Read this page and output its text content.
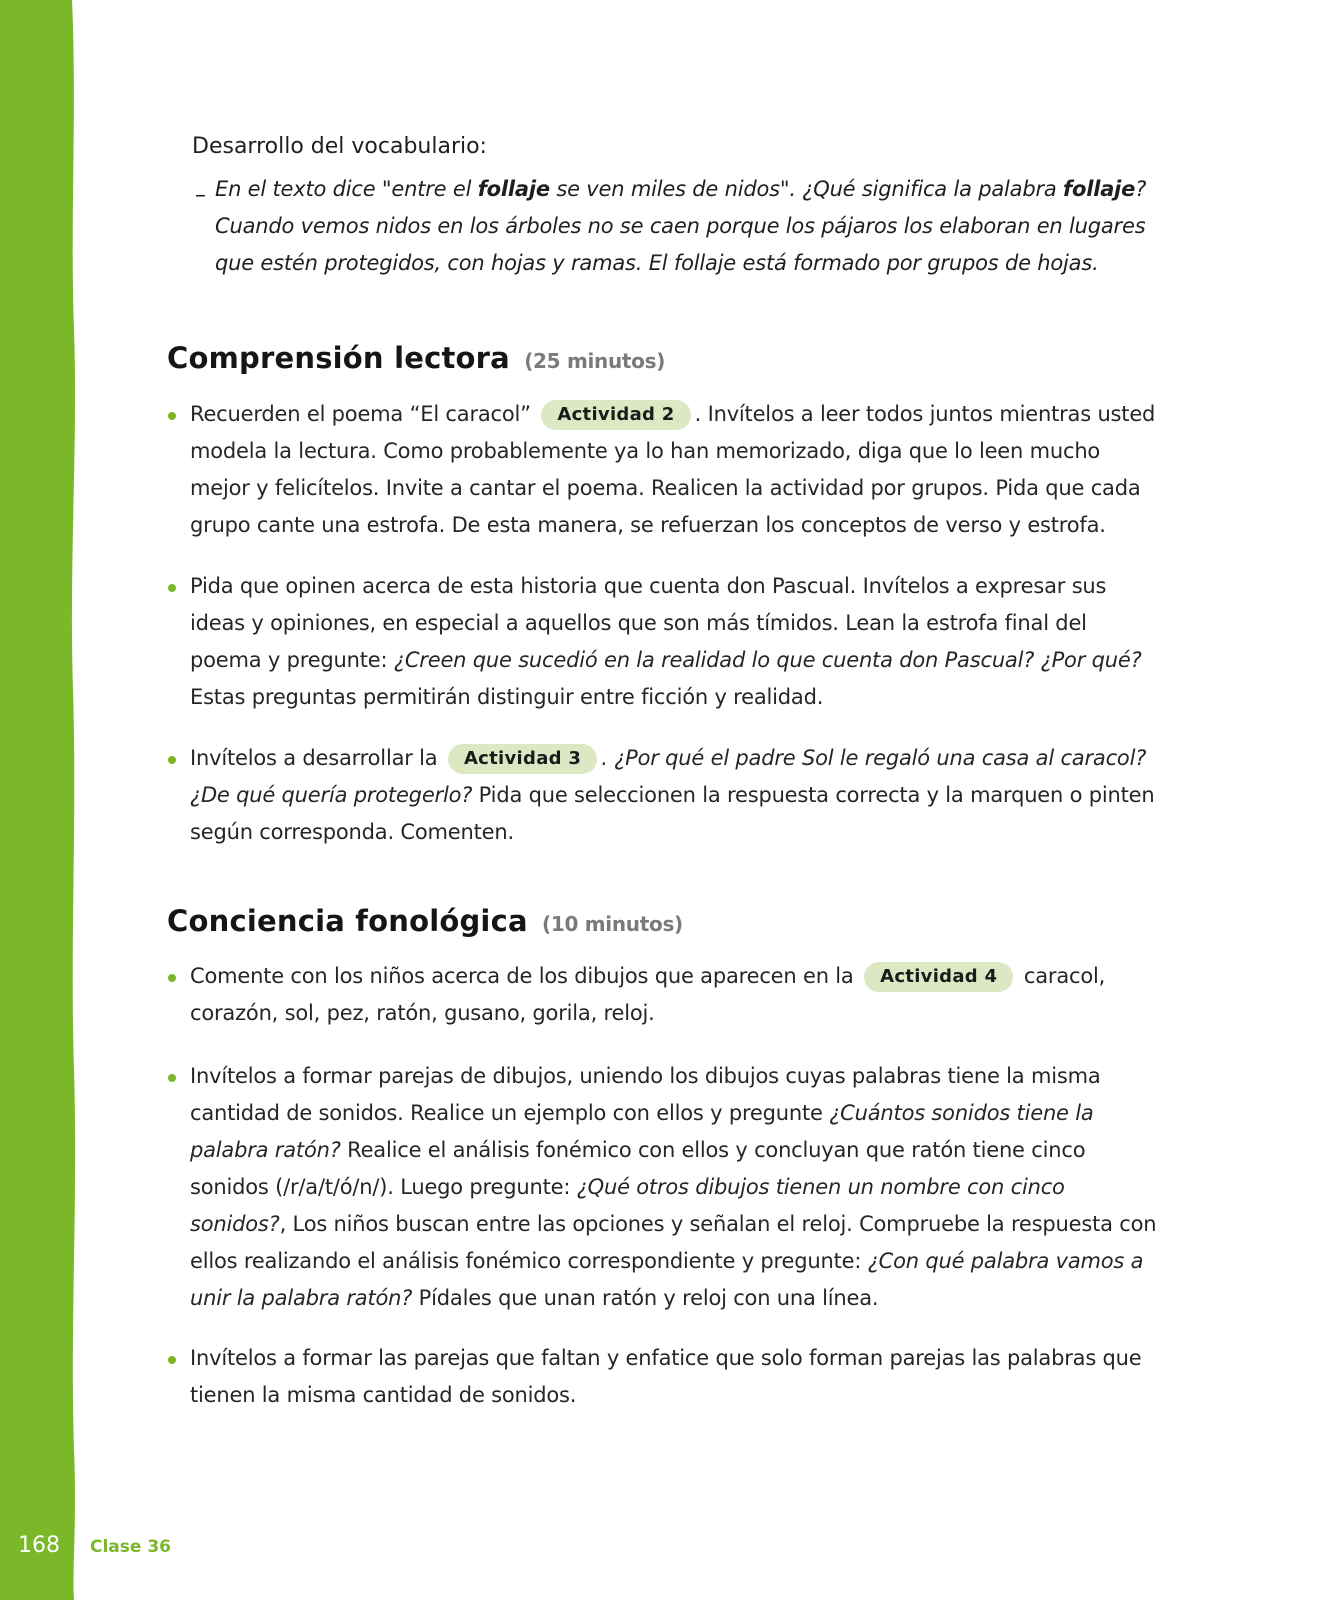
Desarrollo del vocabulario:

– En el texto dice "entre el follaje se ven miles de nidos". ¿Qué significa la palabra follaje? Cuando vemos nidos en los árboles no se caen porque los pájaros los elaboran en lugares que estén protegidos, con hojas y ramas. El follaje está formado por grupos de hojas.

Comprensión lectora (25 minutos)

Recuerden el poema “El caracol” Actividad 2 . Invítelos a leer todos juntos mientras usted modela la lectura. Como probablemente ya lo han memorizado, diga que lo leen mucho mejor y felicítelos. Invite a cantar el poema. Realicen la actividad por grupos. Pida que cada grupo cante una estrofa. De esta manera, se refuerzan los conceptos de verso y estrofa.

Pida que opinen acerca de esta historia que cuenta don Pascual. Invítelos a expresar sus ideas y opiniones, en especial a aquellos que son más tímidos. Lean la estrofa final del poema y pregunte: ¿Creen que sucedió en la realidad lo que cuenta don Pascual? ¿Por qué? Estas preguntas permitirán distinguir entre ficción y realidad.

Invítelos a desarrollar la Actividad 3 . ¿Por qué el padre Sol le regaló una casa al caracol? ¿De qué quería protegerlo? Pida que seleccionen la respuesta correcta y la marquen o pinten según corresponda. Comenten.

Conciencia fonológica (10 minutos)

Comente con los niños acerca de los dibujos que aparecen en la Actividad 4 caracol, corazón, sol, pez, ratón, gusano, gorila, reloj.

Invítelos a formar parejas de dibujos, uniendo los dibujos cuyas palabras tiene la misma cantidad de sonidos. Realice un ejemplo con ellos y pregunte ¿Cuántos sonidos tiene la palabra ratón? Realice el análisis fonémico con ellos y concluyan que ratón tiene cinco sonidos (/r/a/t/ó/n/). Luego pregunte: ¿Qué otros dibujos tienen un nombre con cinco sonidos?, Los niños buscan entre las opciones y señalan el reloj. Compruebe la respuesta con ellos realizando el análisis fonémico correspondiente y pregunte: ¿Con qué palabra vamos a unir la palabra ratón? Pídales que unan ratón y reloj con una línea.

Invítelos a formar las parejas que faltan y enfatice que solo forman parejas las palabras que tienen la misma cantidad de sonidos.

168 Clase 36
